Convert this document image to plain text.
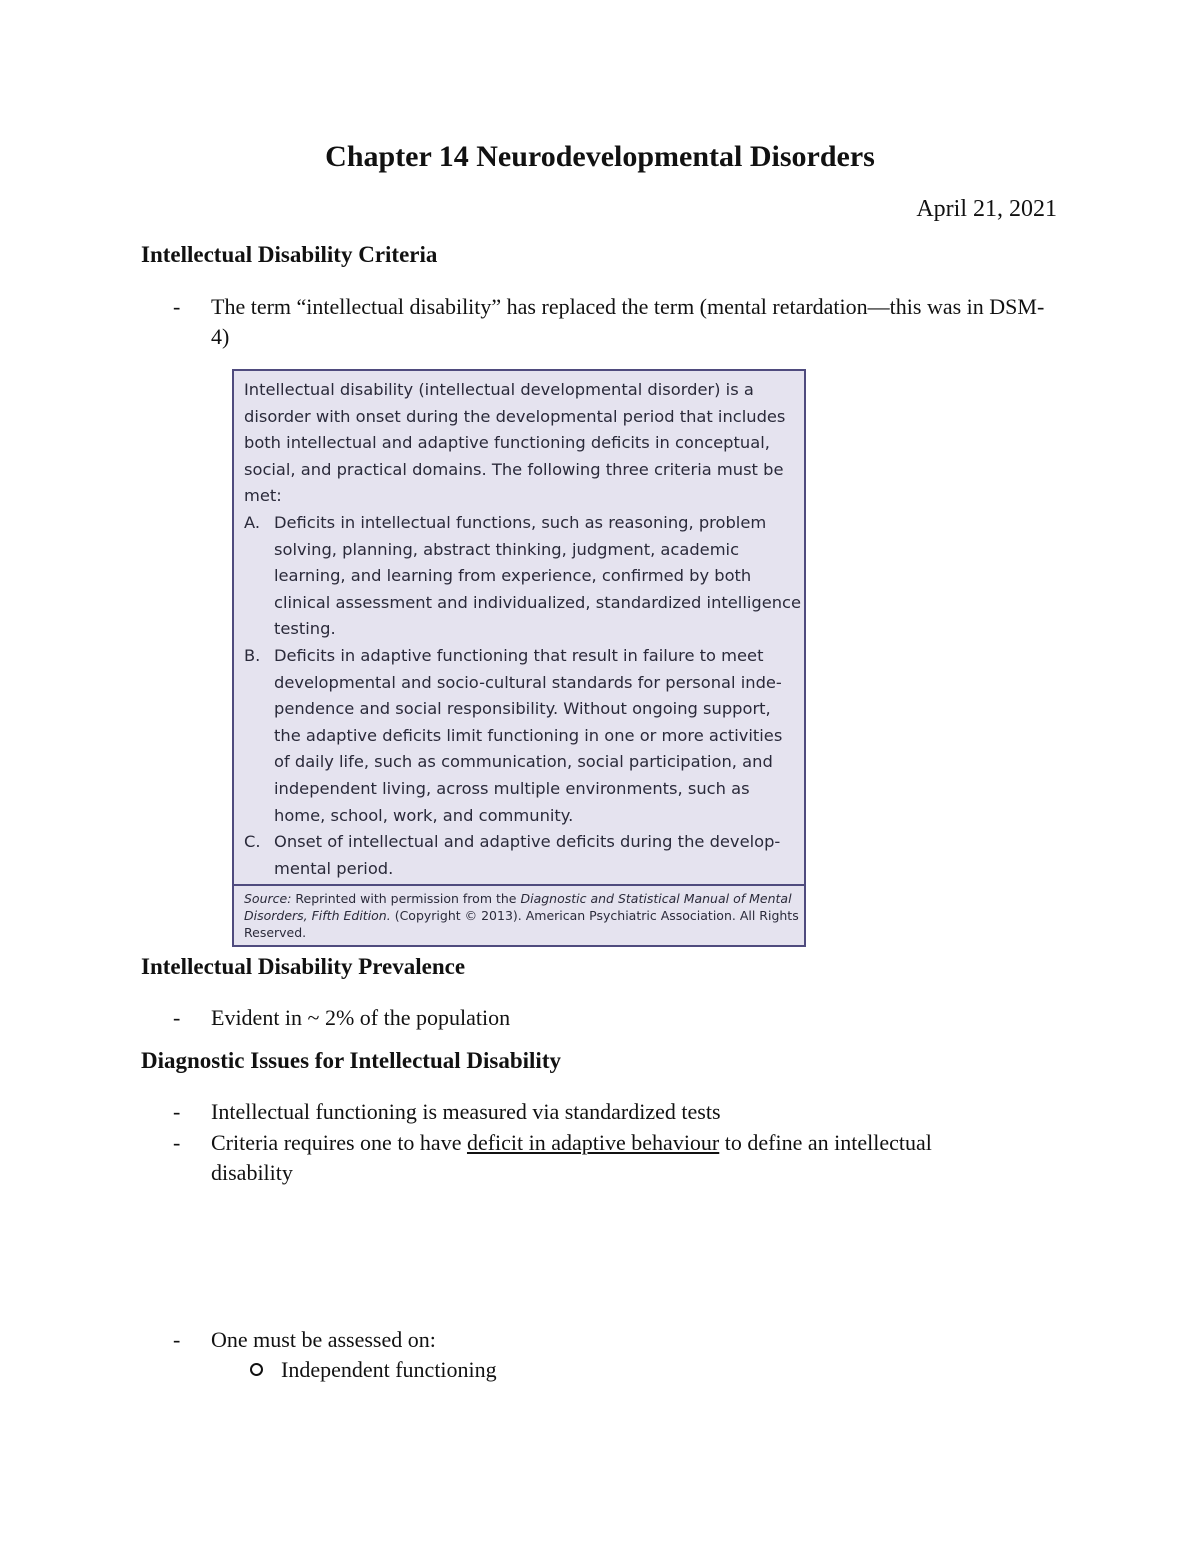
Chapter 14 Neurodevelopmental Disorders
April 21, 2021
Intellectual Disability Criteria
- The term “intellectual disability” has replaced the term (mental retardation—this was in DSM-4)

Intellectual disability (intellectual developmental disorder) is a disorder with onset during the developmental period that includes both intellectual and adaptive functioning deficits in conceptual, social, and practical domains. The following three criteria must be met:

A. Deficits in intellectual functions, such as reasoning, problem solving, planning, abstract thinking, judgment, academic learning, and learning from experience, confirmed by both clinical assessment and individualized, standardized intelligence testing.

B. Deficits in adaptive functioning that result in failure to meet developmental and socio-cultural standards for personal independence and social responsibility. Without ongoing support, the adaptive deficits limit functioning in one or more activities of daily life, such as communication, social participation, and independent living, across multiple environments, such as home, school, work, and community.

C. Onset of intellectual and adaptive deficits during the developmental period.

Source: Reprinted with permission from the Diagnostic and Statistical Manual of Mental Disorders, Fifth Edition. (Copyright © 2013). American Psychiatric Association. All Rights Reserved.

Intellectual Disability Prevalence
- Evident in ~ 2% of the population

Diagnostic Issues for Intellectual Disability
- Intellectual functioning is measured via standardized tests

- Criteria requires one to have deficit in adaptive behaviour to define an intellectual disability

- One must be assessed on:

Independent functioning
